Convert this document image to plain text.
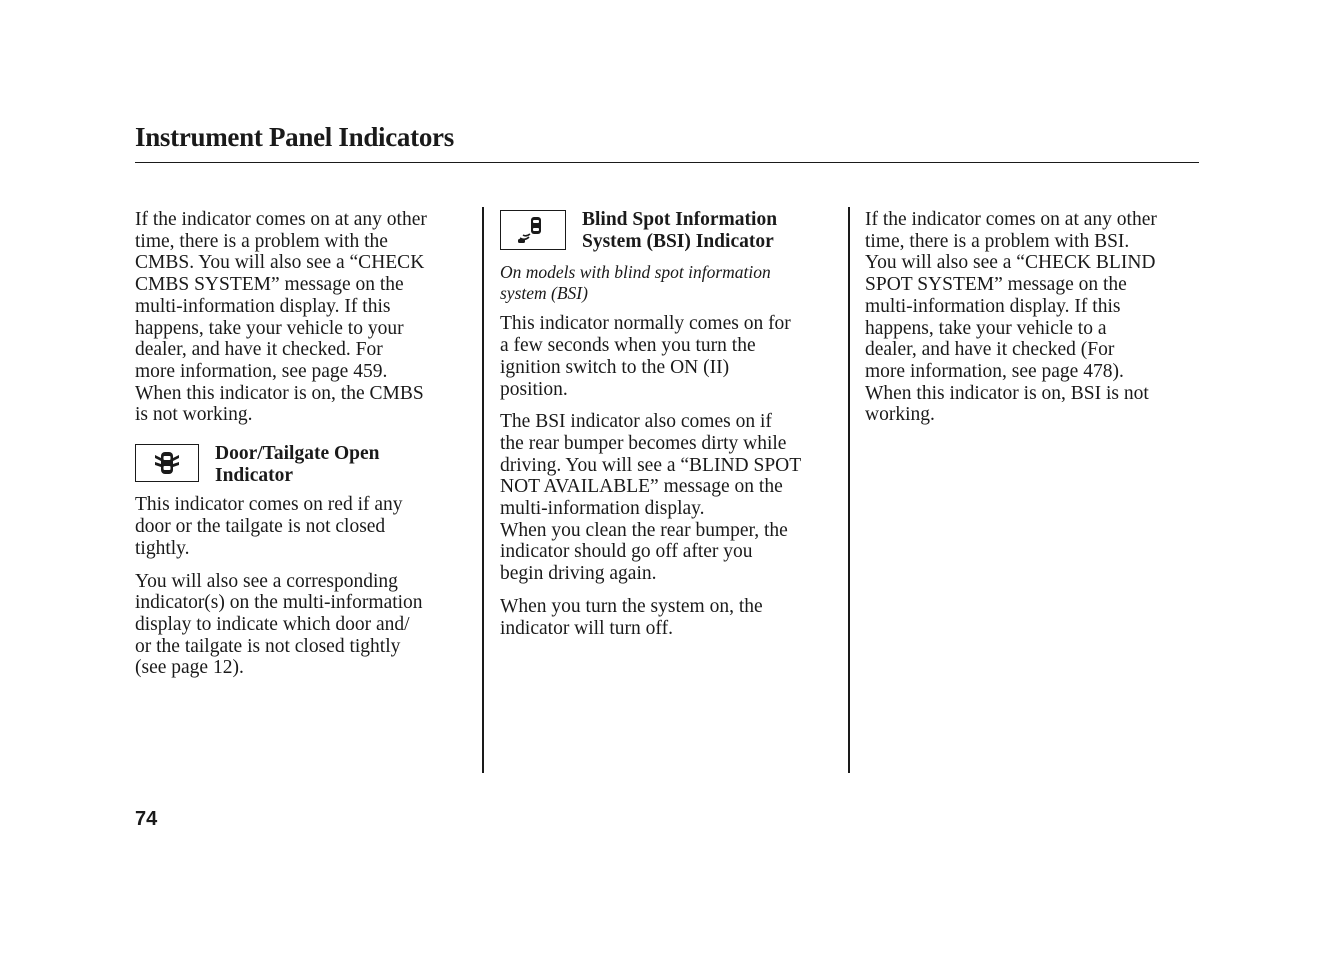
Instrument Panel Indicators

If the indicator comes on at any other
time, there is a problem with the
CMBS. You will also see a “CHECK
CMBS SYSTEM” message on the
multi-information display. If this
happens, take your vehicle to your
dealer, and have it checked. For
more information, see page 459.
When this indicator is on, the CMBS
is not working.

Door/Tailgate Open
Indicator

This indicator comes on red if any
door or the tailgate is not closed
tightly.

You will also see a corresponding
indicator(s) on the multi-information
display to indicate which door and/
or the tailgate is not closed tightly
(see page 12).

Blind Spot Information
System (BSI) Indicator

On models with blind spot information
system (BSI)

This indicator normally comes on for
a few seconds when you turn the
ignition switch to the ON (II)
position.

The BSI indicator also comes on if
the rear bumper becomes dirty while
driving. You will see a “BLIND SPOT
NOT AVAILABLE” message on the
multi-information display.

When you clean the rear bumper, the
indicator should go off after you
begin driving again.

When you turn the system on, the
indicator will turn off.

If the indicator comes on at any other
time, there is a problem with BSI.
You will also see a “CHECK BLIND
SPOT SYSTEM” message on the
multi-information display. If this
happens, take your vehicle to a
dealer, and have it checked (For
more information, see page 478).
When this indicator is on, BSI is not
working.

74
